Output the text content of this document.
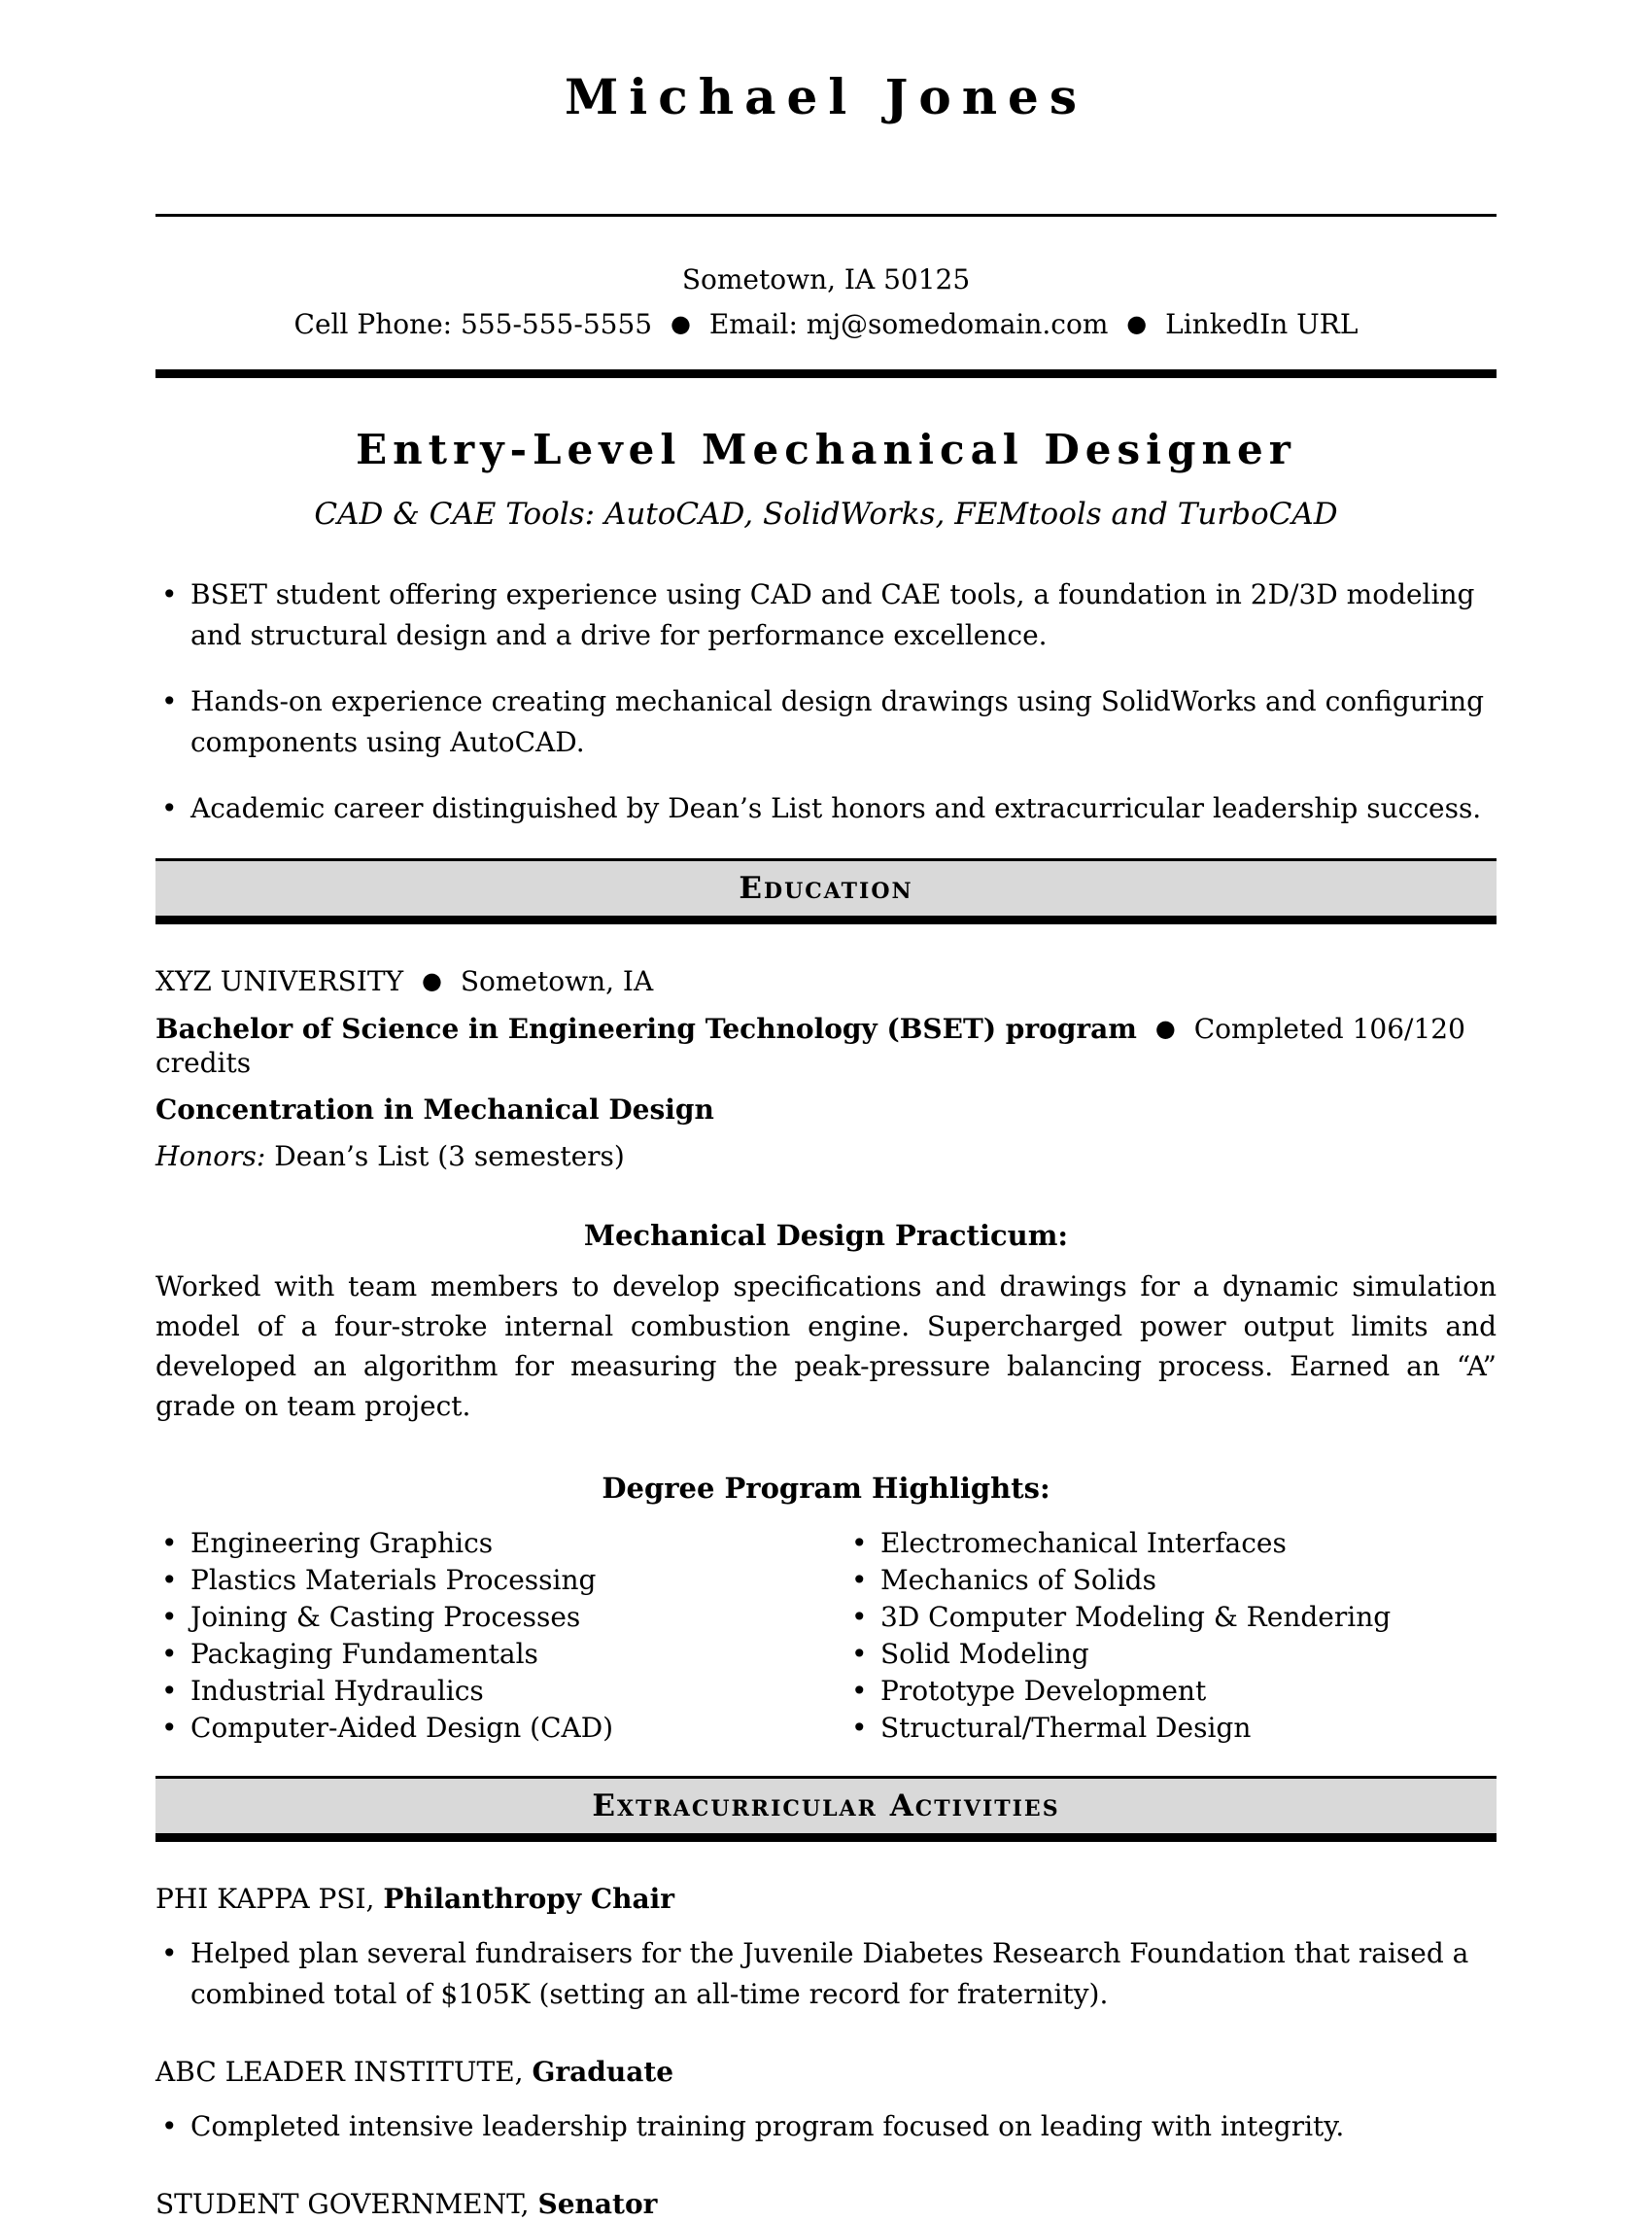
Michael Jones
Sometown, IA 50125
Cell Phone: 555-555-5555 ● Email: mj@somedomain.com ● LinkedIn URL
Entry-Level Mechanical Designer
CAD & CAE Tools: AutoCAD, SolidWorks, FEMtools and TurboCAD
• BSET student offering experience using CAD and CAE tools, a foundation in 2D/3D modeling and structural design and a drive for performance excellence.
• Hands-on experience creating mechanical design drawings using SolidWorks and configuring components using AutoCAD.
• Academic career distinguished by Dean’s List honors and extracurricular leadership success.
Education
XYZ UNIVERSITY ● Sometown, IA
Bachelor of Science in Engineering Technology (BSET) program ● Completed 106/120 credits
Concentration in Mechanical Design
Honors: Dean’s List (3 semesters)
Mechanical Design Practicum:
Worked with team members to develop specifications and drawings for a dynamic simulation model of a four-stroke internal combustion engine. Supercharged power output limits and developed an algorithm for measuring the peak-pressure balancing process. Earned an “A” grade on team project.
Degree Program Highlights:
• Engineering Graphics
• Plastics Materials Processing
• Joining & Casting Processes
• Packaging Fundamentals
• Industrial Hydraulics
• Computer-Aided Design (CAD)
• Electromechanical Interfaces
• Mechanics of Solids
• 3D Computer Modeling & Rendering
• Solid Modeling
• Prototype Development
• Structural/Thermal Design
Extracurricular Activities
PHI KAPPA PSI, Philanthropy Chair
• Helped plan several fundraisers for the Juvenile Diabetes Research Foundation that raised a combined total of $105K (setting an all-time record for fraternity).
ABC LEADER INSTITUTE, Graduate
• Completed intensive leadership training program focused on leading with integrity.
STUDENT GOVERNMENT, Senator
